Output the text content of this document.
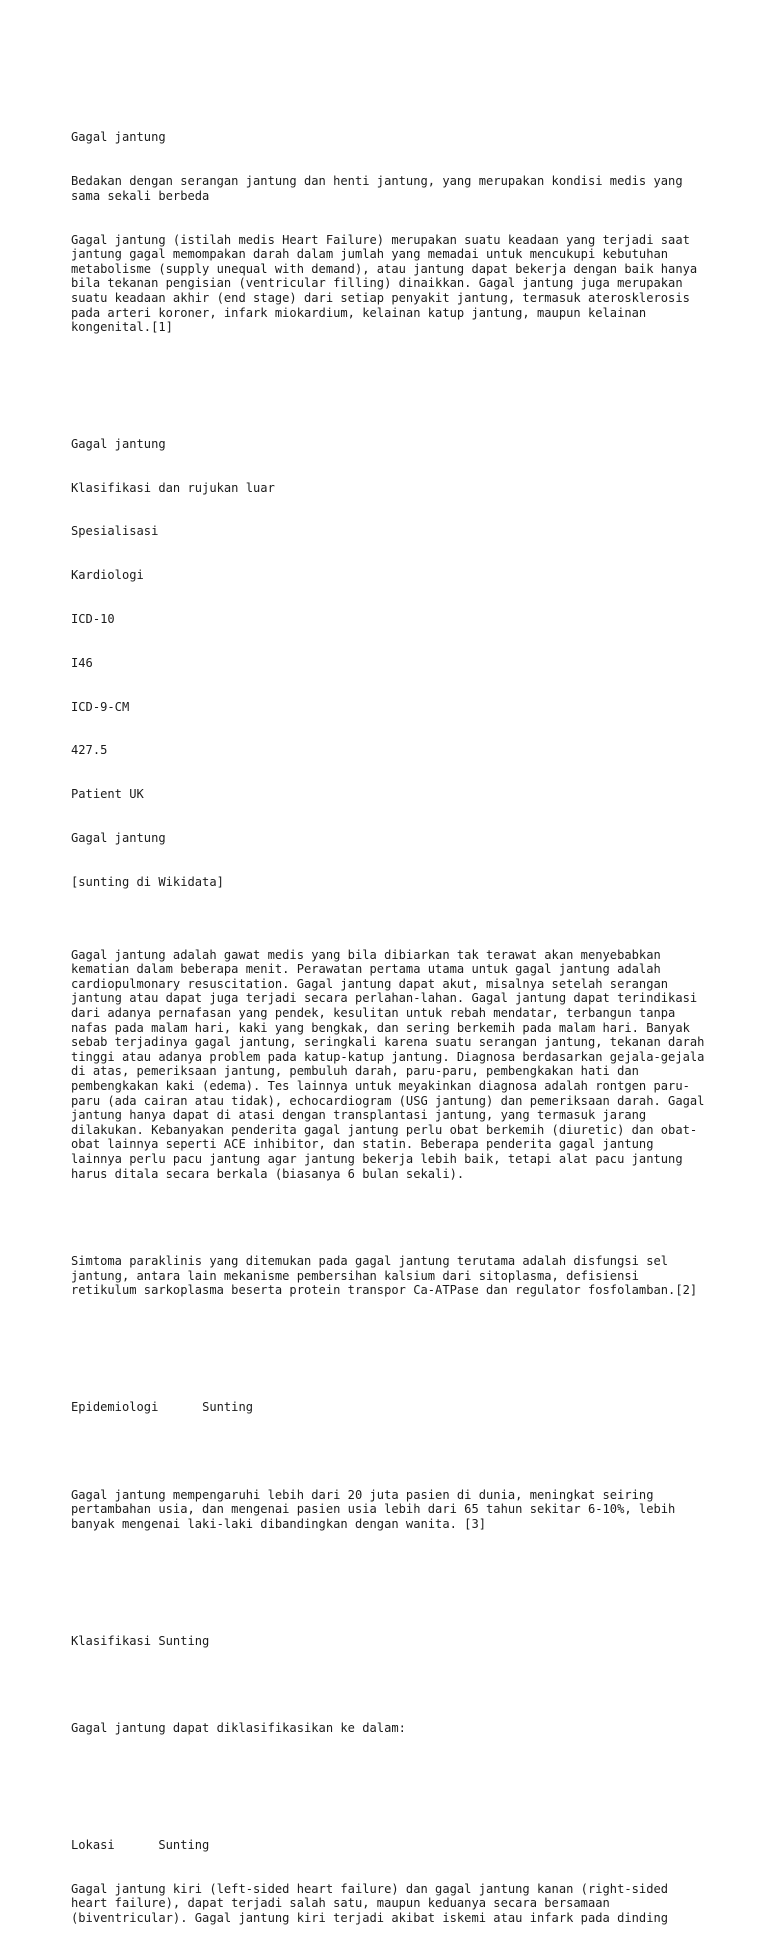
Gagal jantung

Bedakan dengan serangan jantung dan henti jantung, yang merupakan kondisi medis yang sama sekali berbeda

Gagal jantung (istilah medis Heart Failure) merupakan suatu keadaan yang terjadi saat jantung gagal memompakan darah dalam jumlah yang memadai untuk mencukupi kebutuhan metabolisme (supply unequal with demand), atau jantung dapat bekerja dengan baik hanya bila tekanan pengisian (ventricular filling) dinaikkan. Gagal jantung juga merupakan suatu keadaan akhir (end stage) dari setiap penyakit jantung, termasuk aterosklerosis pada arteri koroner, infark miokardium, kelainan katup jantung, maupun kelainan kongenital.[1]

Gagal jantung

Klasifikasi dan rujukan luar

Spesialisasi

Kardiologi

ICD-10

I46

ICD-9-CM

427.5

Patient UK

Gagal jantung

[sunting di Wikidata]

Gagal jantung adalah gawat medis yang bila dibiarkan tak terawat akan menyebabkan kematian dalam beberapa menit. Perawatan pertama utama untuk gagal jantung adalah cardiopulmonary resuscitation. Gagal jantung dapat akut, misalnya setelah serangan jantung atau dapat juga terjadi secara perlahan-lahan. Gagal jantung dapat terindikasi dari adanya pernafasan yang pendek, kesulitan untuk rebah mendatar, terbangun tanpa nafas pada malam hari, kaki yang bengkak, dan sering berkemih pada malam hari. Banyak sebab terjadinya gagal jantung, seringkali karena suatu serangan jantung, tekanan darah tinggi atau adanya problem pada katup-katup jantung. Diagnosa berdasarkan gejala-gejala di atas, pemeriksaan jantung, pembuluh darah, paru-paru, pembengkakan hati dan pembengkakan kaki (edema). Tes lainnya untuk meyakinkan diagnosa adalah rontgen paru-paru (ada cairan atau tidak), echocardiogram (USG jantung) dan pemeriksaan darah. Gagal jantung hanya dapat di atasi dengan transplantasi jantung, yang termasuk jarang dilakukan. Kebanyakan penderita gagal jantung perlu obat berkemih (diuretic) dan obat-obat lainnya seperti ACE inhibitor, dan statin. Beberapa penderita gagal jantung lainnya perlu pacu jantung agar jantung bekerja lebih baik, tetapi alat pacu jantung harus ditala secara berkala (biasanya 6 bulan sekali).

Simtoma paraklinis yang ditemukan pada gagal jantung terutama adalah disfungsi sel jantung, antara lain mekanisme pembersihan kalsium dari sitoplasma, defisiensi retikulum sarkoplasma beserta protein transpor Ca-ATPase dan regulator fosfolamban.[2]

Epidemiologi	Sunting

Gagal jantung mempengaruhi lebih dari 20 juta pasien di dunia, meningkat seiring pertambahan usia, dan mengenai pasien usia lebih dari 65 tahun sekitar 6-10%, lebih banyak mengenai laki-laki dibandingkan dengan wanita. [3]

Klasifikasi Sunting

Gagal jantung dapat diklasifikasikan ke dalam:

Lokasi	Sunting

Gagal jantung kiri (left-sided heart failure) dan gagal jantung kanan (right-sided heart failure), dapat terjadi salah satu, maupun keduanya secara bersamaan (biventricular). Gagal jantung kiri terjadi akibat iskemi atau infark pada dinding
